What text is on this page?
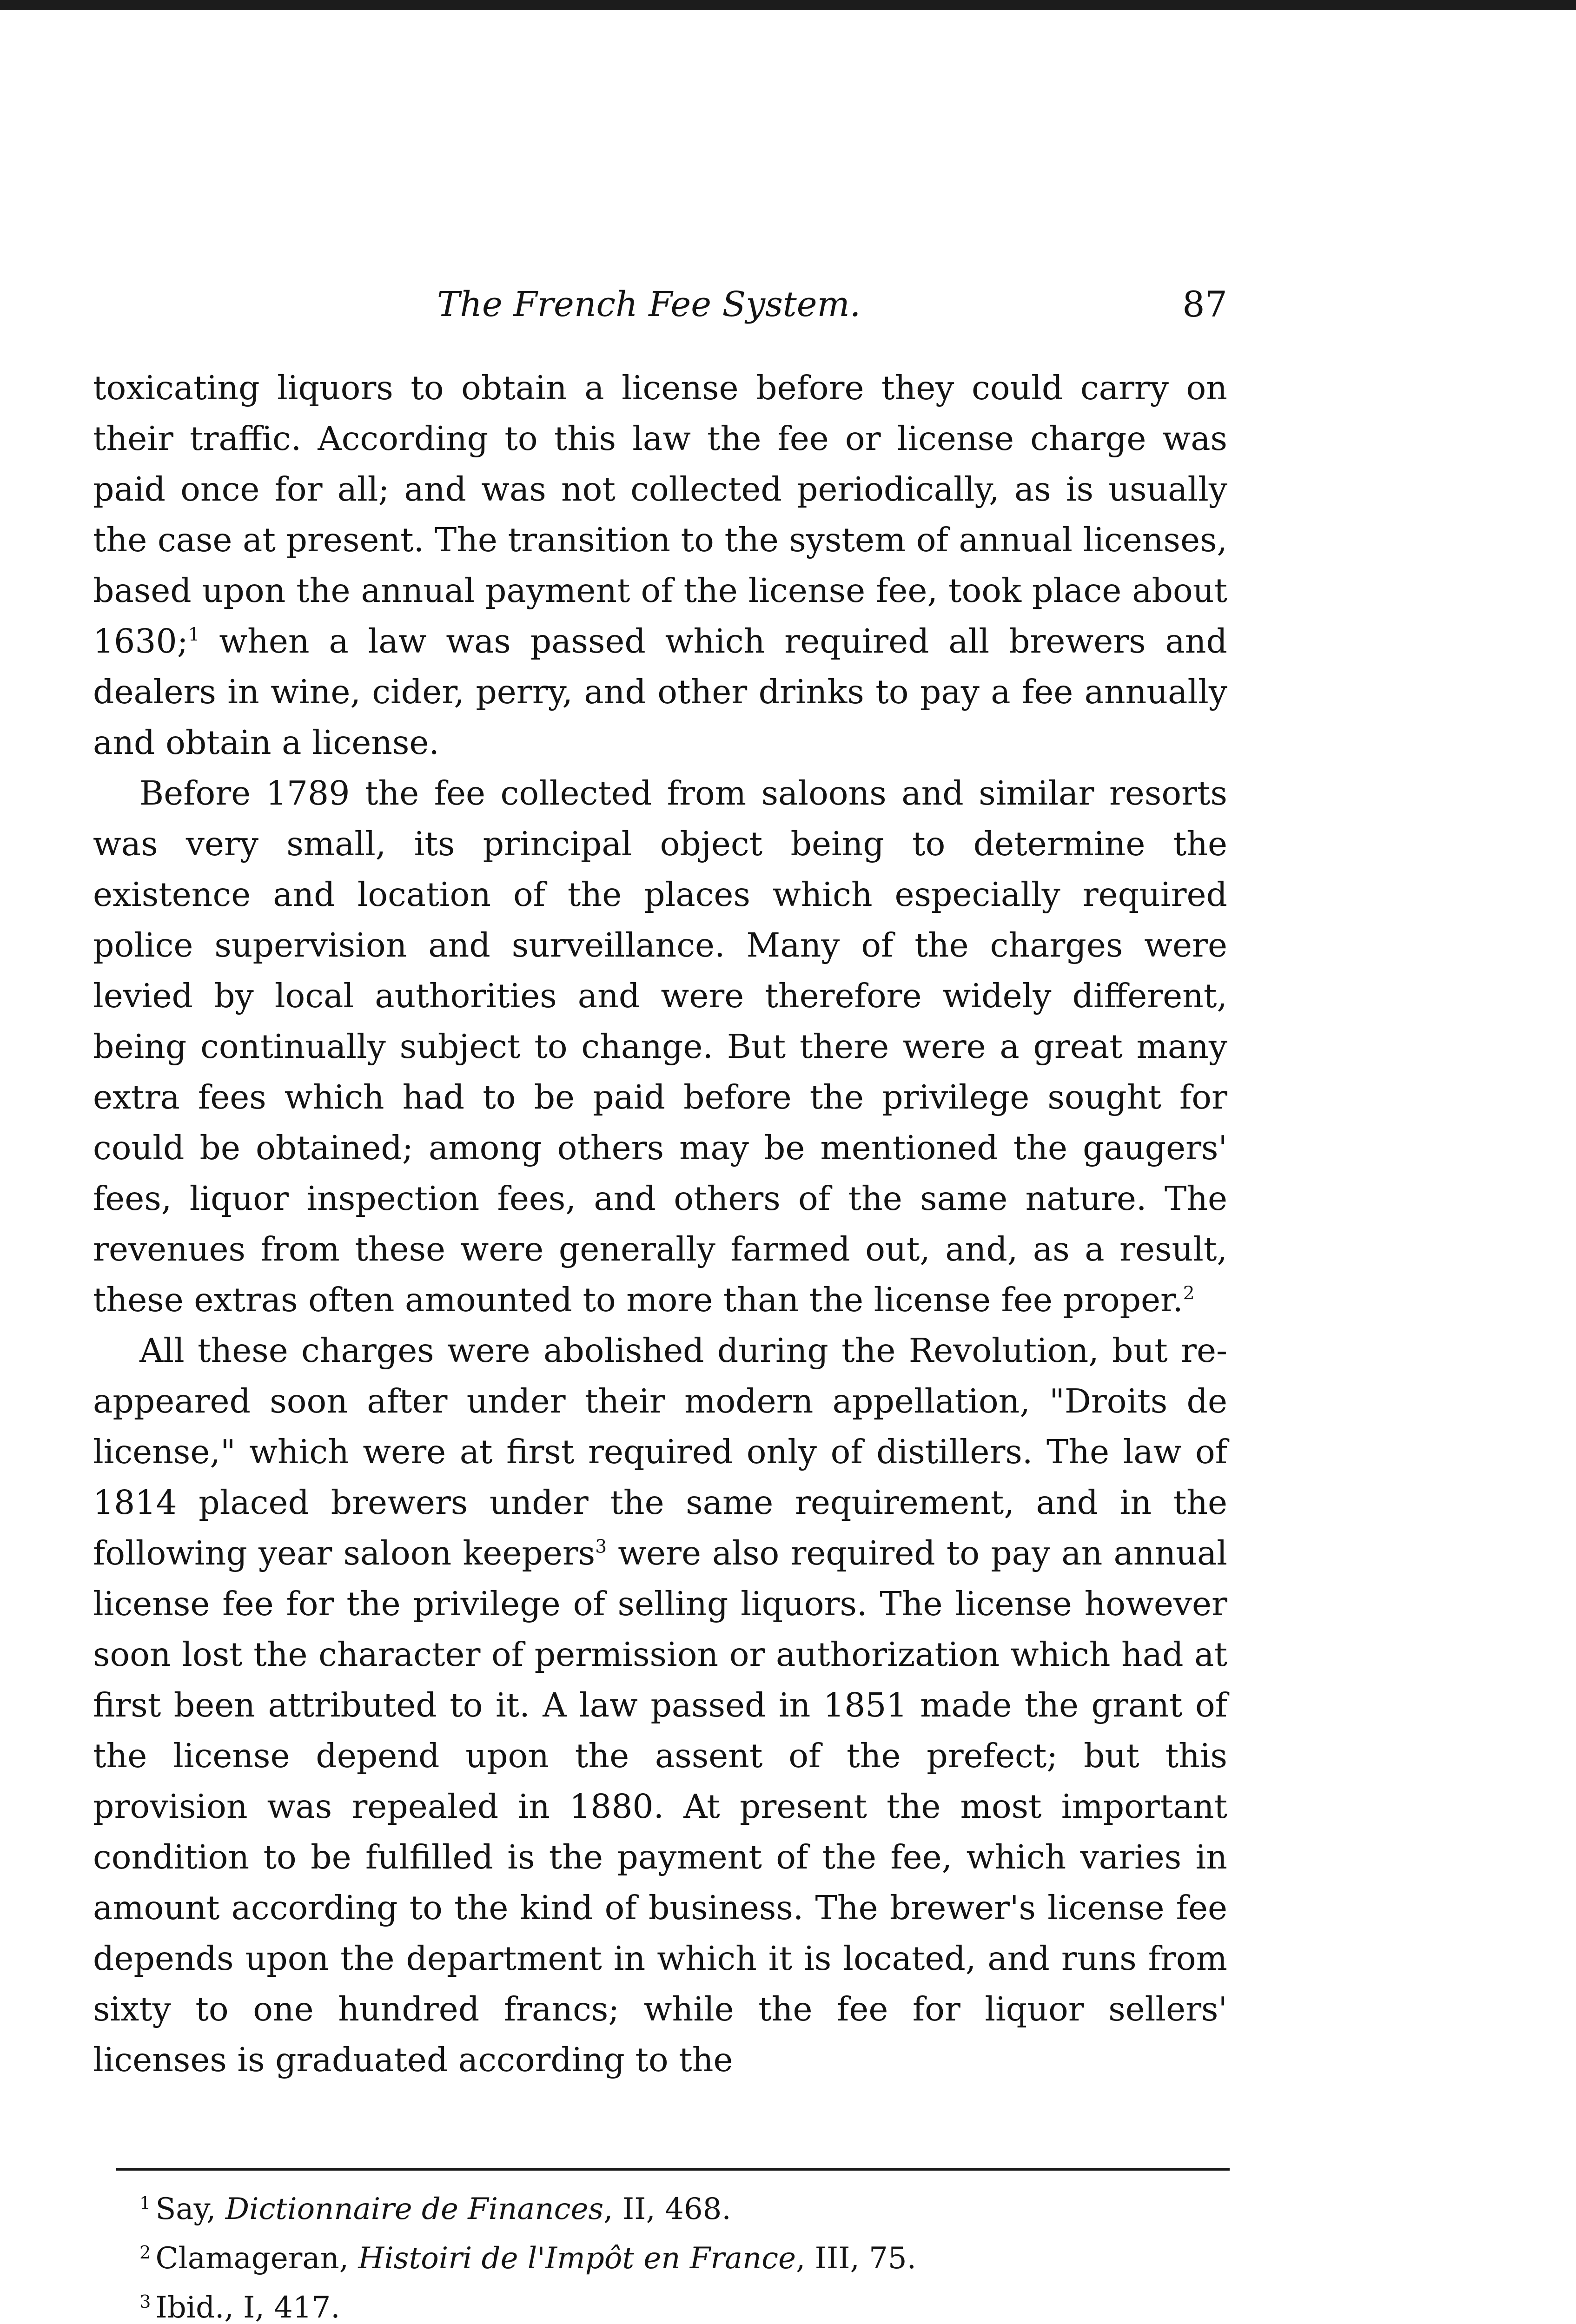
The French Fee System.	87

toxicating liquors to obtain a license before they could carry on their traffic. According to this law the fee or license charge was paid once for all; and was not collected periodically, as is usually the case at present. The transition to the system of annual licenses, based upon the annual payment of the license fee, took place about 1630;$^1$ when a law was passed which required all brewers and dealers in wine, cider, perry, and other drinks to pay a fee annually and obtain a license.

Before 1789 the fee collected from saloons and similar resorts was very small, its principal object being to determine the existence and location of the places which especially required police supervision and surveillance. Many of the charges were levied by local authorities and were therefore widely different, being continually subject to change. But there were a great many extra fees which had to be paid before the privilege sought for could be obtained; among others may be mentioned the gaugers' fees, liquor inspection fees, and others of the same nature. The revenues from these were generally farmed out, and, as a result, these extras often amounted to more than the license fee proper.$^2$

All these charges were abolished during the Revolution, but re-appeared soon after under their modern appellation, "Droits de license," which were at first required only of distillers. The law of 1814 placed brewers under the same requirement, and in the following year saloon keepers$^3$ were also required to pay an annual license fee for the privilege of selling liquors. The license however soon lost the character of permission or authorization which had at first been attributed to it. A law passed in 1851 made the grant of the license depend upon the assent of the prefect; but this provision was repealed in 1880. At present the most important condition to be fulfilled is the payment of the fee, which varies in amount according to the kind of business. The brewer's license fee depends upon the department in which it is located, and runs from sixty to one hundred francs; while the fee for liquor sellers' licenses is graduated according to the

$^1$ Say, Dictionnaire de Finances, II, 468.
$^2$ Clamageran, Histoiri de l'Impôt en France, III, 75.
$^3$ Ibid., I, 417.
